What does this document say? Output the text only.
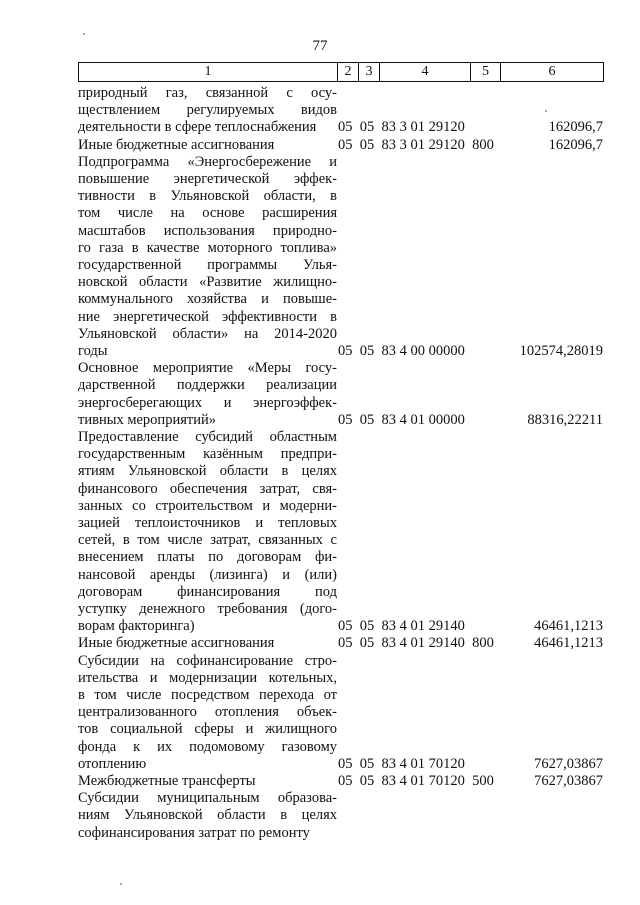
77
1	2	3	4	5	6
природный газ, связанной с осу-
ществлением регулируемых видов
деятельности в сфере теплоснабжения	05  05  83 3 01 29120	162096,7
Иные бюджетные ассигнования	05  05  83 3 01 29120  800	162096,7
Подпрограмма «Энергосбережение и
повышение энергетической эффек-
тивности в Ульяновской области, в
том числе на основе расширения
масштабов использования природно-
го газа в качестве моторного топлива»
государственной программы Улья-
новской области «Развитие жилищно-
коммунального хозяйства и повыше-
ние энергетической эффективности в
Ульяновской области» на 2014-2020
годы	05  05  83 4 00 00000	102574,28019
Основное мероприятие «Меры госу-
дарственной поддержки реализации
энергосберегающих и энергоэффек-
тивных мероприятий»	05  05  83 4 01 00000	88316,22211
Предоставление субсидий областным
государственным казённым предпри-
ятиям Ульяновской области в целях
финансового обеспечения затрат, свя-
занных со строительством и модерни-
зацией теплоисточников и тепловых
сетей, в том числе затрат, связанных с
внесением платы по договорам фи-
нансовой аренды (лизинга) и (или)
договорам финансирования под
уступку денежного требования (дого-
ворам факторинга)	05  05  83 4 01 29140	46461,1213
Иные бюджетные ассигнования	05  05  83 4 01 29140  800	46461,1213
Субсидии на софинансирование стро-
ительства и модернизации котельных,
в том числе посредством перехода от
централизованного отопления объек-
тов социальной сферы и жилищного
фонда к их подомовому газовому
отоплению	05  05  83 4 01 70120	7627,03867
Межбюджетные трансферты	05  05  83 4 01 70120  500	7627,03867
Субсидии муниципальным образова-
ниям Ульяновской области в целях
софинансирования затрат по ремонту
